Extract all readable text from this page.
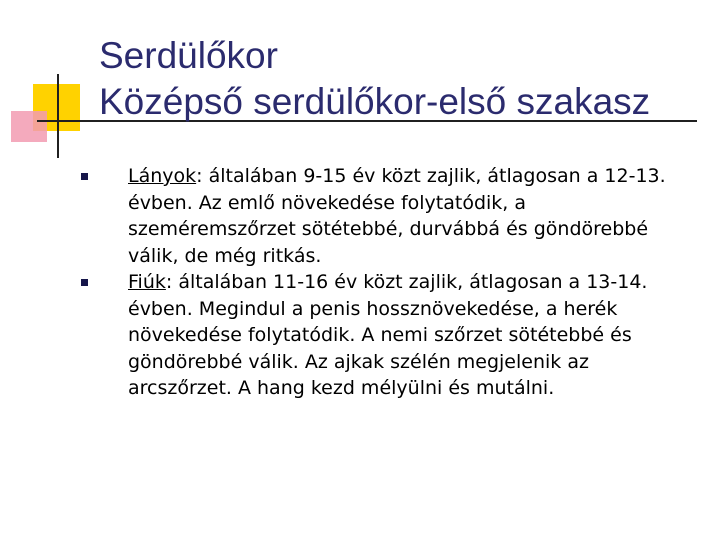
Serdülőkor
Középső serdülőkor-első szakasz
Lányok: általában 9-15 év közt zajlik, átlagosan a 12-13. évben. Az emlő növekedése folytatódik, a szeméremszőrzet sötétebbé, durvábbá és göndörebbé válik, de még ritkás.
Fiúk: általában 11-16 év közt zajlik, átlagosan a 13-14. évben. Megindul a penis hossznövekedése, a herék növekedése folytatódik. A nemi szőrzet sötétebbé és göndörebbé válik. Az ajkak szélén megjelenik az arcszőrzet. A hang kezd mélyülni és mutálni.
